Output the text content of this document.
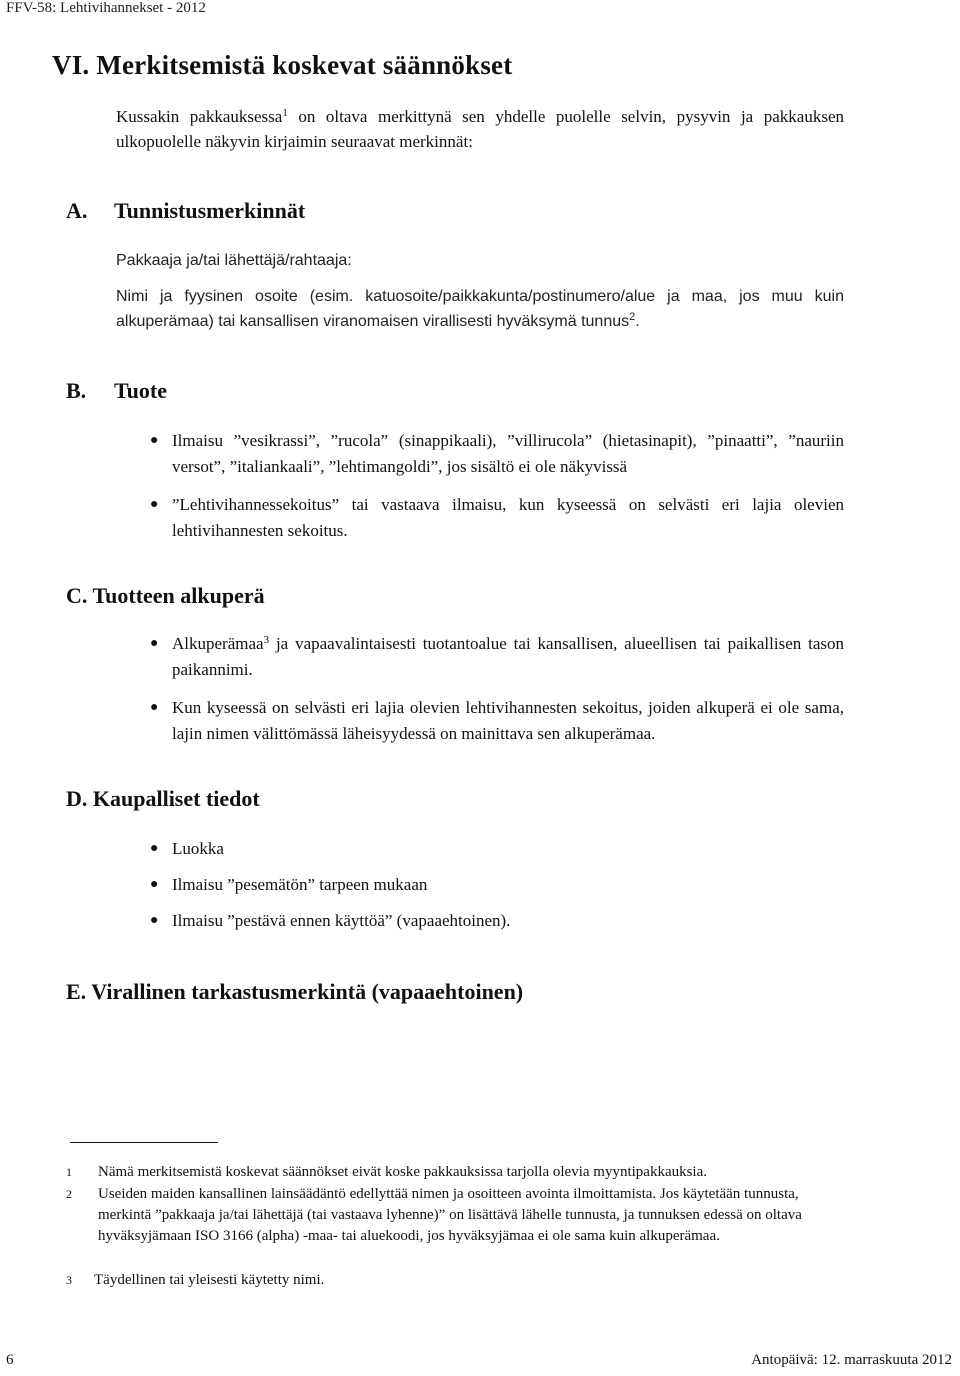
FFV-58: Lehtivihannekset - 2012
VI. Merkitsemistä koskevat säännökset
Kussakin pakkauksessa$^1$ on oltava merkittynä sen yhdelle puolelle selvin, pysyvin ja pakkauksen ulkopuolelle näkyvin kirjaimin seuraavat merkinnät:
A. Tunnistusmerkinnät
Pakkaaja ja/tai lähettäjä/rahtaaja:
Nimi ja fyysinen osoite (esim. katuosoite/paikkakunta/postinumero/alue ja maa, jos muu kuin alkuperämaa) tai kansallisen viranomaisen virallisesti hyväksymä tunnus$^2$.
B. Tuote
● Ilmaisu ”vesikrassi”, ”rucola” (sinappikaali), ”villirucola” (hietasinapit), ”pinaatti”, ”nauriin versot”, ”italiankaali”, ”lehtimangoldi”, jos sisältö ei ole näkyvissä
● ”Lehtivihannessekoitus” tai vastaava ilmaisu, kun kyseessä on selvästi eri lajia olevien lehtivihannesten sekoitus.
C. Tuotteen alkuperä
● Alkuperämaa$^3$ ja vapaavalintaisesti tuotantoalue tai kansallisen, alueellisen tai paikallisen tason paikannimi.
● Kun kyseessä on selvästi eri lajia olevien lehtivihannesten sekoitus, joiden alkuperä ei ole sama, lajin nimen välittömässä läheisyydessä on mainittava sen alkuperämaa.
D. Kaupalliset tiedot
● Luokka
● Ilmaisu ”pesemätön” tarpeen mukaan
● Ilmaisu ”pestävä ennen käyttöä” (vapaaehtoinen).
E. Virallinen tarkastusmerkintä (vapaaehtoinen)
1 Nämä merkitsemistä koskevat säännökset eivät koske pakkauksissa tarjolla olevia myyntipakkauksia.
2 Useiden maiden kansallinen lainsäädäntö edellyttää nimen ja osoitteen avointa ilmoittamista. Jos käytetään tunnusta, merkintä ”pakkaaja ja/tai lähettäjä (tai vastaava lyhenne)” on lisättävä lähelle tunnusta, ja tunnuksen edessä on oltava hyväksyjämaan ISO 3166 (alpha) -maa- tai aluekoodi, jos hyväksyjämaa ei ole sama kuin alkuperämaa.
3 Täydellinen tai yleisesti käytetty nimi.
6	Antopäivä: 12. marraskuuta 2012
